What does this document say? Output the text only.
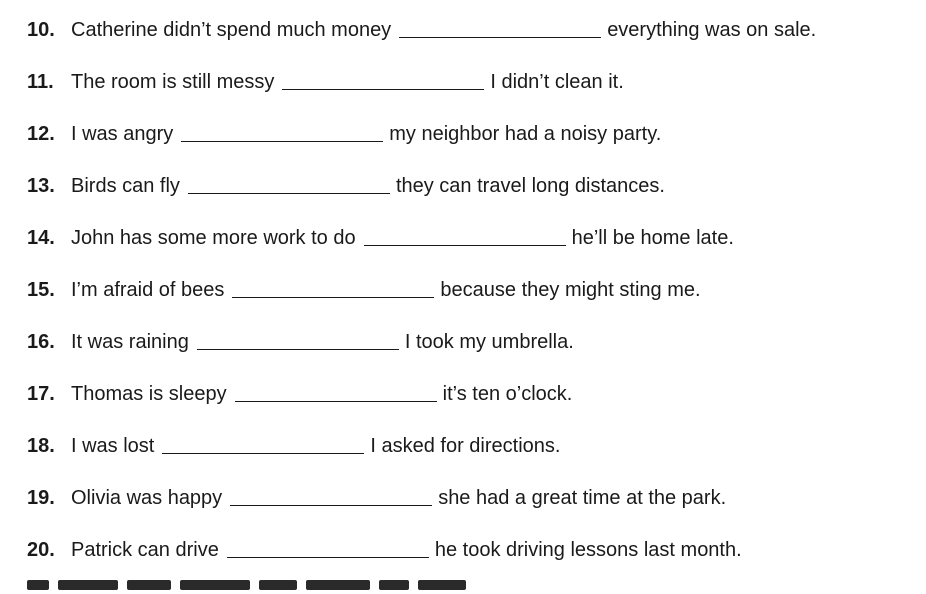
10. Catherine didn’t spend much money	everything was on sale.
11. The room is still messy	I didn’t clean it.
12. I was angry	my neighbor had a noisy party.
13. Birds can fly	they can travel long distances.
14. John has some more work to do	he’ll be home late.
15. I’m afraid of bees	because they might sting me.
16. It was raining	I took my umbrella.
17. Thomas is sleepy	it’s ten o’clock.
18. I was lost	I asked for directions.
19. Olivia was happy	she had a great time at the park.
20. Patrick can drive	he took driving lessons last month.
